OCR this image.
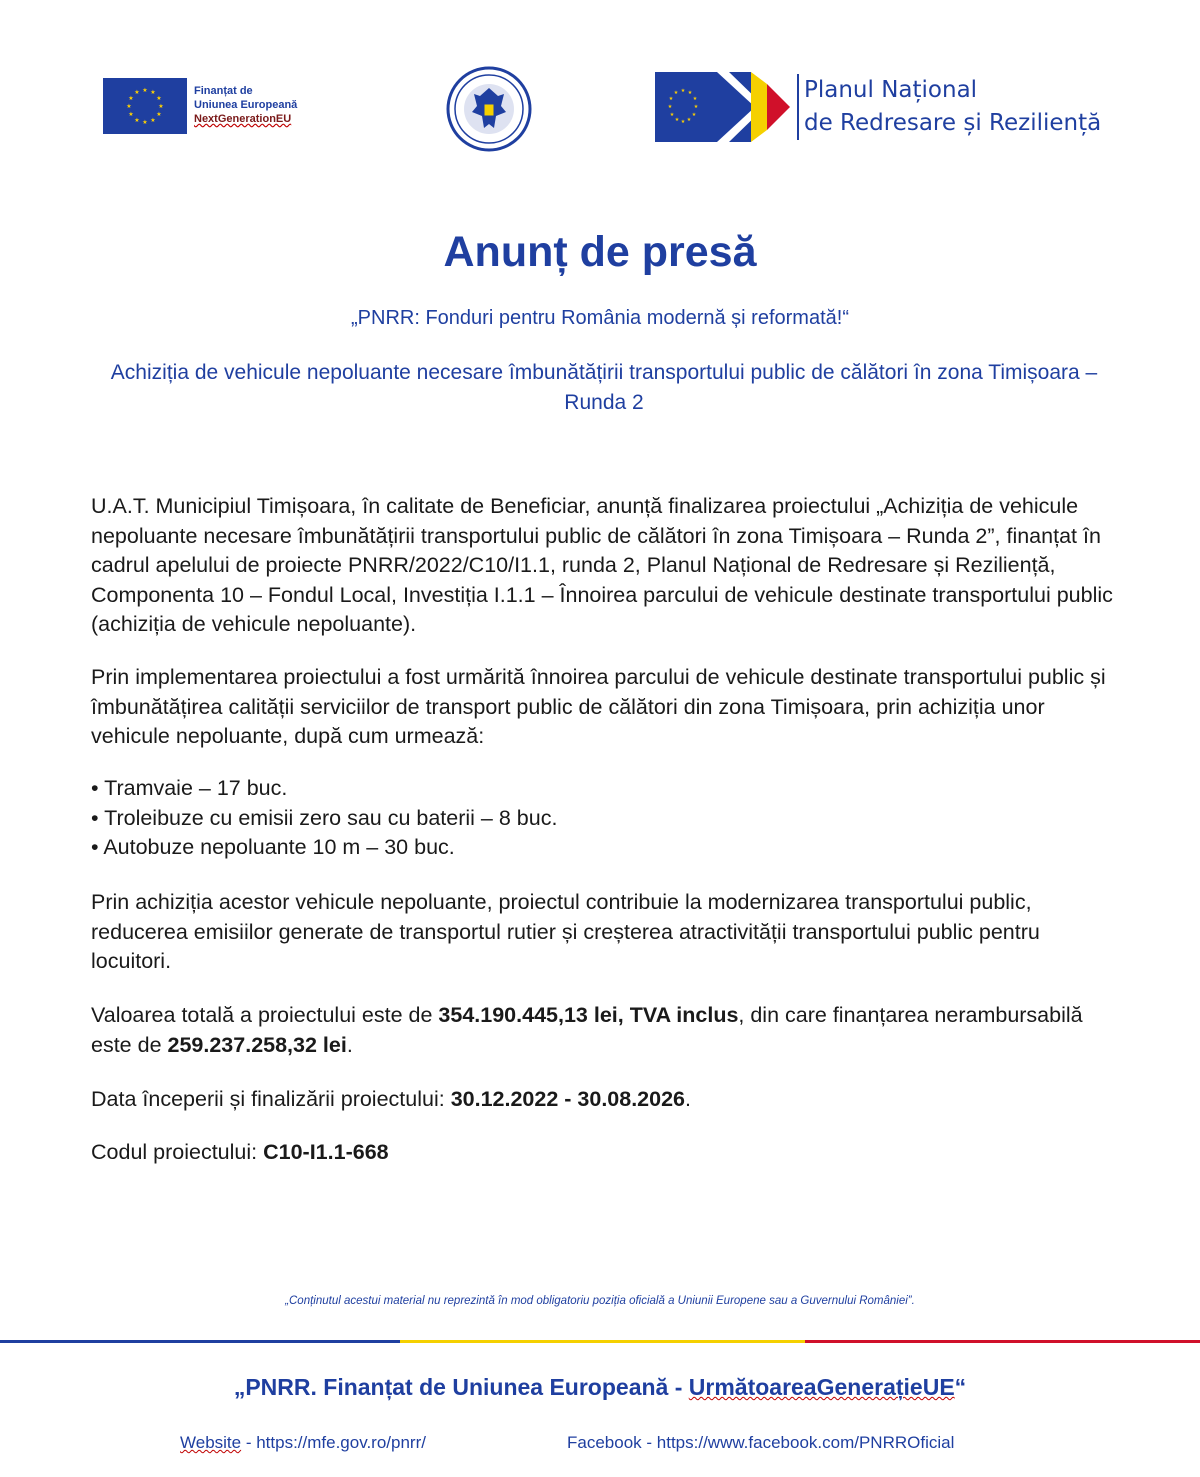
★ ★
★
★
★
★
★
★
★
★
★
★	Finanțat de
Uniunea Europeană
NextGenerationEU
★ ★
★
★
★
★
★
★
★
★
★
★	Planul Național
de Redresare și Reziliență
Anunț de presă
„PNRR: Fonduri pentru România modernă și reformată!“
Achiziția de vehicule nepoluante necesare îmbunătățirii transportului public de călători în zona Timișoara – Runda 2
U.A.T. Municipiul Timișoara, în calitate de Beneficiar, anunță finalizarea proiectului „Achiziția de vehicule nepoluante necesare îmbunătățirii transportului public de călători în zona Timișoara – Runda 2”, finanțat în cadrul apelului de proiecte PNRR/2022/C10/I1.1, runda 2, Planul Național de Redresare și Reziliență, Componenta 10 – Fondul Local, Investiția I.1.1 – Înnoirea parcului de vehicule destinate transportului public (achiziția de vehicule nepoluante).
Prin implementarea proiectului a fost urmărită înnoirea parcului de vehicule destinate transportului public și îmbunătățirea calității serviciilor de transport public de călători din zona Timișoara, prin achiziția unor vehicule nepoluante, după cum urmează:
• Tramvaie – 17 buc.
• Troleibuze cu emisii zero sau cu baterii – 8 buc.
• Autobuze nepoluante 10 m – 30 buc.
Prin achiziția acestor vehicule nepoluante, proiectul contribuie la modernizarea transportului public, reducerea emisiilor generate de transportul rutier și creșterea atractivității transportului public pentru locuitori.
Valoarea totală a proiectului este de 354.190.445,13 lei, TVA inclus, din care finanțarea nerambursabilă este de 259.237.258,32 lei.
Data începerii și finalizării proiectului: 30.12.2022 - 30.08.2026.
Codul proiectului: C10-I1.1-668
„Conținutul acestui material nu reprezintă în mod obligatoriu poziția oficială a Uniunii Europene sau a Guvernului României”.
„PNRR. Finanțat de Uniunea Europeană - UrmătoareaGenerațieUE“
Website - https://mfe.gov.ro/pnrr/	Facebook - https://www.facebook.com/PNRROficial
